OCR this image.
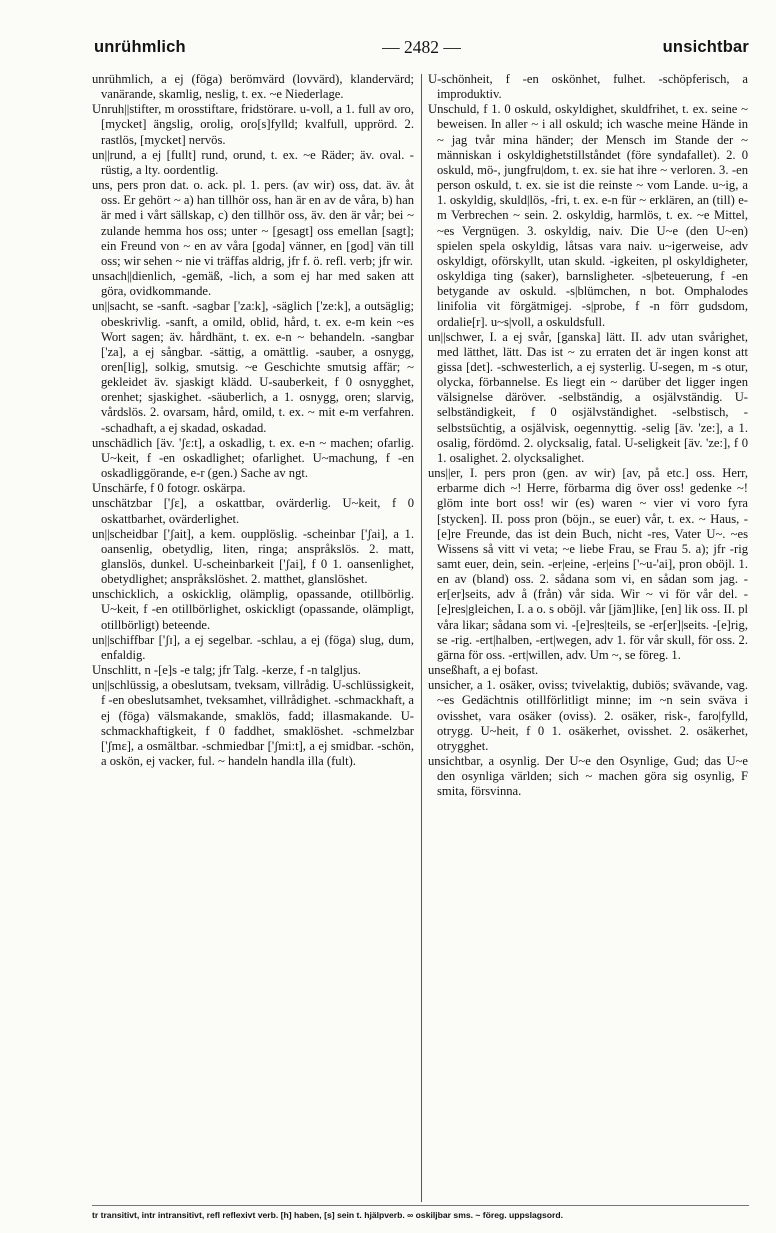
unrühmlich	— 2482 —	unsichtbar

unrühmlich, a ej (föga) berömvärd (lovvärd), klandervärd; vanärande, skamlig, neslig, t. ex. ~e Niederlage.

Unruh||stifter, m orosstiftare, fridstörare. u-voll, a 1. full av oro, [mycket] ängslig, orolig, oro[s]fylld; kvalfull, upprörd. 2. rastlös, [mycket] nervös.

un||rund, a ej [fullt] rund, orund, t. ex. ~e Räder; äv. oval. -rüstig, a lty. oordentlig.

uns, pers pron dat. o. ack. pl. 1. pers. (av wir) oss, dat. äv. åt oss. Er gehört ~ a) han tillhör oss, han är en av de våra, b) han är med i vårt sällskap, c) den tillhör oss, äv. den är vår; bei ~ zulande hemma hos oss; unter ~ [gesagt] oss emellan [sagt]; ein Freund von ~ en av våra [goda] vänner, en [god] vän till oss; wir sehen ~ nie vi träffas aldrig, jfr f. ö. refl. verb; jfr wir.

unsach||dienlich, -gemäß, -lich, a som ej har med saken att göra, ovidkommande.

un||sacht, se -sanft. -sagbar ['za:k], -säglich ['ze:k], a outsäglig; obeskrivlig. -sanft, a omild, oblid, hård, t. ex. e-m kein ~es Wort sagen; äv. hårdhänt, t. ex. e-n ~ behandeln. -sangbar ['za], a ej sångbar. -sättig, a omättlig. -sauber, a osnygg, oren[lig], solkig, smutsig. ~e Geschichte smutsig affär; ~ gekleidet äv. sjaskigt klädd. U-sauberkeit, f 0 osnygghet, orenhet; sjaskighet. -säuberlich, a 1. osnygg, oren; slarvig, vårdslös. 2. ovarsam, hård, omild, t. ex. ~ mit e-m verfahren. -schadhaft, a ej skadad, oskadad.

unschädlich [äv. 'ʃɛ:t], a oskadlig, t. ex. e-n ~ machen; ofarlig. U~keit, f -en oskadlighet; ofarlighet. U~machung, f -en oskadliggörande, e-r (gen.) Sache av ngt.

Unschärfe, f 0 fotogr. oskärpa.

unschätzbar ['ʃɛ], a oskattbar, ovärderlig. U~keit, f 0 oskattbarhet, ovärderlighet.

un||scheidbar ['ʃait], a kem. oupplöslig. -scheinbar ['ʃai], a 1. oansenlig, obetydlig, liten, ringa; anspråkslös. 2. matt, glanslös, dunkel. U-scheinbarkeit ['ʃai], f 0 1. oansenlighet, obetydlighet; anspråkslöshet. 2. matthet, glanslöshet.

unschicklich, a oskicklig, olämplig, opassande, otillbörlig. U~keit, f -en otillbörlighet, oskickligt (opassande, olämpligt, otillbörligt) beteende.

un||schiffbar ['ʃɪ], a ej segelbar. -schlau, a ej (föga) slug, dum, enfaldig.

Unschlitt, n -[e]s -e talg; jfr Talg. -kerze, f -n talgljus.

un||schlüssig, a obeslutsam, tveksam, villrådig. U-schlüssigkeit, f -en obeslutsamhet, tveksamhet, villrådighet. -schmackhaft, a ej (föga) välsmakande, smaklös, fadd; illasmakande. U-schmackhaftigkeit, f 0 faddhet, smaklöshet. -schmelzbar ['ʃmɛ], a osmältbar. -schmiedbar ['ʃmi:t], a ej smidbar. -schön, a oskön, ej vacker, ful. ~ handeln handla illa (fult).

U-schönheit, f -en oskönhet, fulhet. -schöpferisch, a improduktiv.

Unschuld, f 1. 0 oskuld, oskyldighet, skuldfrihet, t. ex. seine ~ beweisen. In aller ~ i all oskuld; ich wasche meine Hände in ~ jag tvår mina händer; der Mensch im Stande der ~ människan i oskyldighetstillståndet (före syndafallet). 2. 0 oskuld, mö-, jungfru|dom, t. ex. sie hat ihre ~ verloren. 3. -en person oskuld, t. ex. sie ist die reinste ~ vom Lande. u~ig, a 1. oskyldig, skuld|lös, -fri, t. ex. e-n für ~ erklären, an (till) e-m Verbrechen ~ sein. 2. oskyldig, harmlös, t. ex. ~e Mittel, ~es Vergnügen. 3. oskyldig, naiv. Die U~e (den U~en) spielen spela oskyldig, låtsas vara naiv. u~igerweise, adv oskyldigt, oförskyllt, utan skuld. -igkeiten, pl oskyldigheter, oskyldiga ting (saker), barnsligheter. -s|beteuerung, f -en betygande av oskuld. -s|blümchen, n bot. Omphalodes linifolia vit förgätmigej. -s|probe, f -n förr gudsdom, ordalie[r]. u~s|voll, a oskuldsfull.

un||schwer, I. a ej svår, [ganska] lätt. II. adv utan svårighet, med lätthet, lätt. Das ist ~ zu erraten det är ingen konst att gissa [det]. -schwesterlich, a ej systerlig. U-segen, m -s otur, olycka, förbannelse. Es liegt ein ~ darüber det ligger ingen välsignelse däröver. -selbständig, a osjälvständig. U-selbständigkeit, f 0 osjälvständighet. -selbstisch, -selbstsüchtig, a osjälvisk, oegennyttig. -selig [äv. 'ze:], a 1. osalig, fördömd. 2. olycksalig, fatal. U-seligkeit [äv. 'ze:], f 0 1. osalighet. 2. olycksalighet.

uns||er, I. pers pron (gen. av wir) [av, på etc.] oss. Herr, erbarme dich ~! Herre, förbarma dig över oss! gedenke ~! glöm inte bort oss! wir (es) waren ~ vier vi voro fyra [stycken]. II. poss pron (böjn., se euer) vår, t. ex. ~ Haus, -[e]re Freunde, das ist dein Buch, nicht -res, Vater U~. ~es Wissens så vitt vi veta; ~e liebe Frau, se Frau 5. a); jfr -rig samt euer, dein, sein. -er|eine, -er|eins ['~u-'ai], pron oböjl. 1. en av (bland) oss. 2. sådana som vi, en sådan som jag. -er[er]seits, adv å (från) vår sida. Wir ~ vi för vår del. -[e]res|gleichen, I. a o. s oböjl. vår [jäm]like, [en] lik oss. II. pl våra likar; sådana som vi. -[e]res|teils, se -er[er]|seits. -[e]rig, se -rig. -ert|halben, -ert|wegen, adv 1. för vår skull, för oss. 2. gärna för oss. -ert|willen, adv. Um ~, se föreg. 1.

unseßhaft, a ej bofast.

unsicher, a 1. osäker, oviss; tvivelaktig, dubiös; svävande, vag. ~es Gedächtnis otillförlitligt minne; im ~n sein sväva i ovisshet, vara osäker (oviss). 2. osäker, risk-, faro|fylld, otrygg. U~heit, f 0 1. osäkerhet, ovisshet. 2. osäkerhet, otrygghet.

unsichtbar, a osynlig. Der U~e den Osynlige, Gud; das U~e den osynliga världen; sich ~ machen göra sig osynlig, F smita, försvinna.

tr transitivt, intr intransitivt, refl reflexivt verb. [h] haben, [s] sein t. hjälpverb. ∞ oskiljbar sms. ~ föreg. uppslagsord.
